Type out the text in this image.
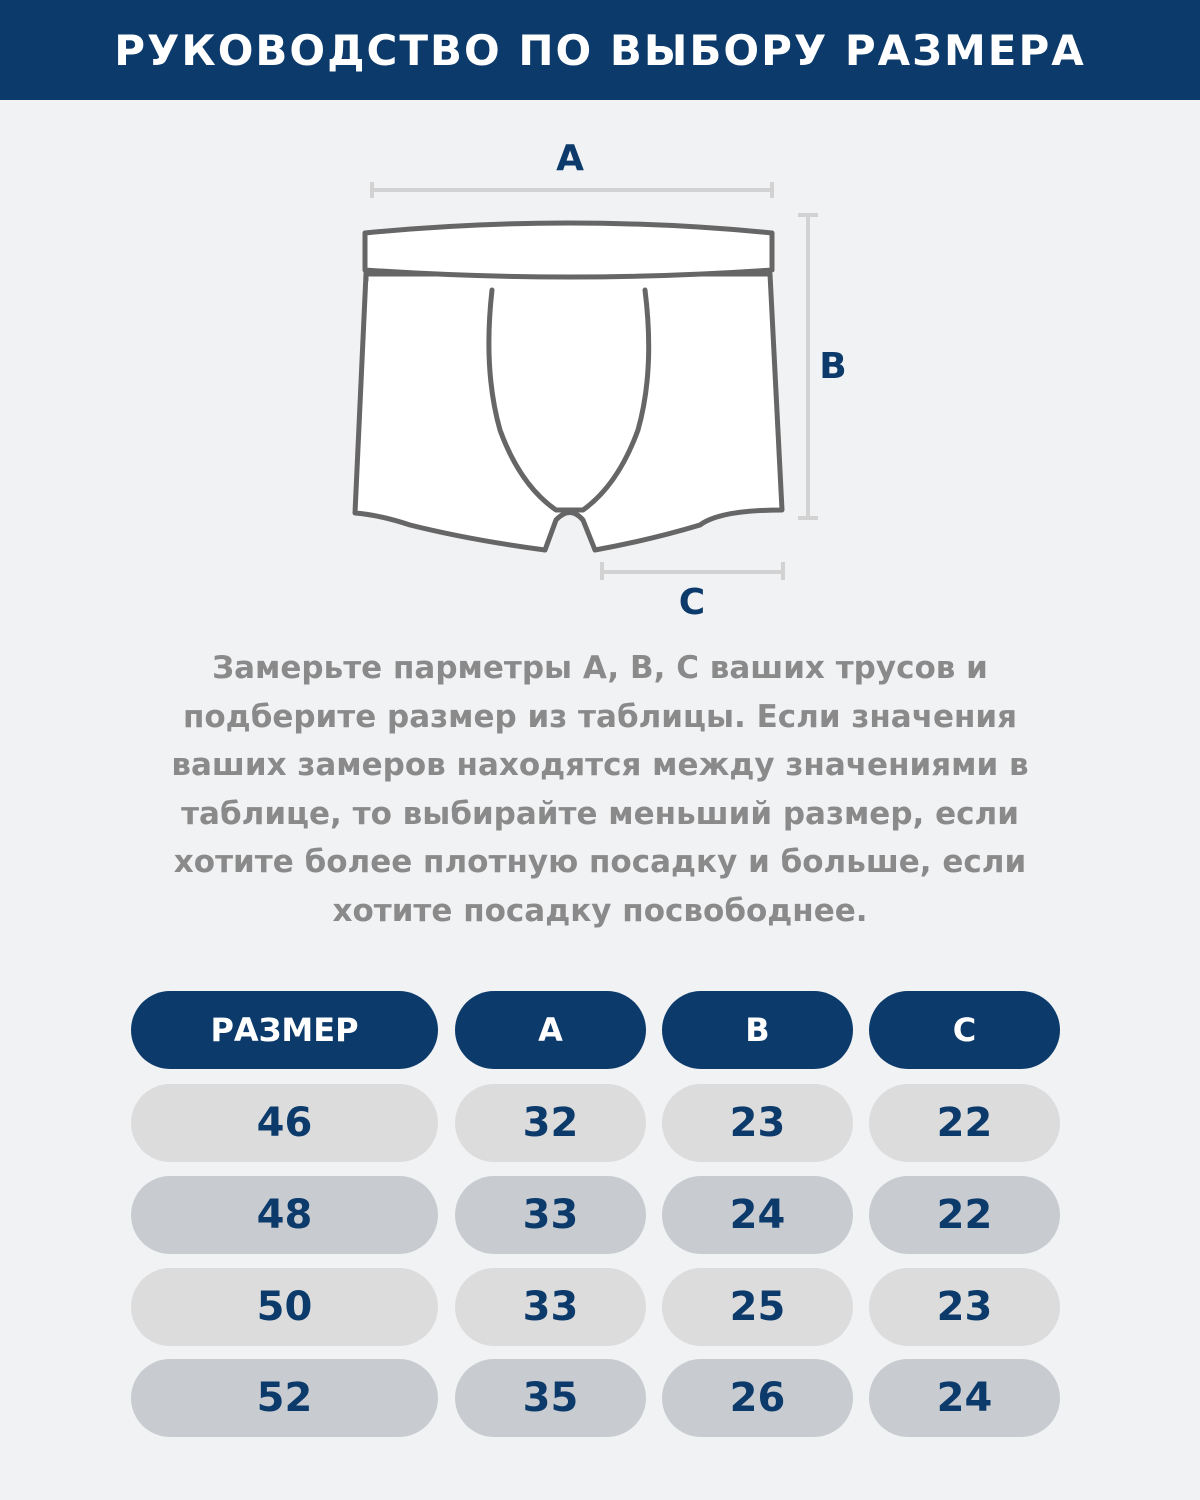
РУКОВОДСТВО ПО ВЫБОРУ РАЗМЕРА
A
B
C

Замерьте парметры A, B, C ваших трусов и подберите размер из таблицы. Если значения ваших замеров находятся между значениями в таблице, то выбирайте меньший размер, если хотите более плотную посадку и больше, если хотите посадку посвободнее.

РАЗМЕР	A	B	C
46	32	23	22
48	33	24	22
50	33	25	23
52	35	26	24
